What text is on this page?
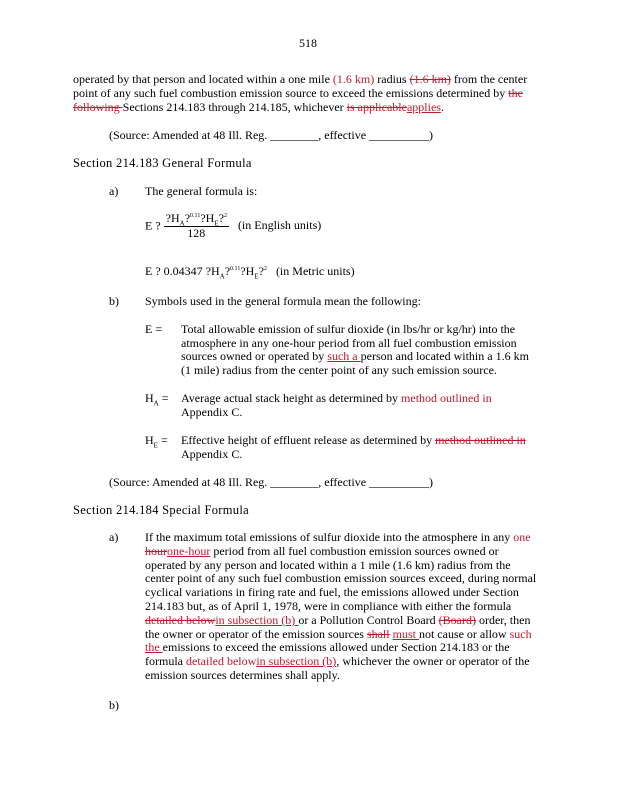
518
operated by that person and located within a one mile (1.6 km) radius (1.6 km) from the center
point of any such fuel combustion emission source to exceed the emissions determined by the
following Sections 214.183 through 214.185, whichever is applicableapplies.
(Source: Amended at 48 Ill. Reg. ________, effective __________)
Section 214.183 General Formula
a) The general formula is:
E ? $\frac{?H_A?^{0.11}?H_E?^2}{128} (in$ English units)
E ? 0.04347 $?H_A?^{0.11}?H_E?^2$ (in Metric units)
b) Symbols used in the general formula mean the following:
E = Total allowable emission of sulfur dioxide (in lbs/hr or kg/hr) into the
atmosphere in any one-hour period from all fuel combustion emission
sources owned or operated by such a person and located within a 1.6 km
(1 mile) radius from the center point of any such emission source.
$H_A$ = Average actual stack height as determined by method outlined in
Appendix C.
$H_E$ = Effective height of effluent release as determined by method outlined in
Appendix C.
(Source: Amended at 48 Ill. Reg. ________, effective __________)
Section 214.184 Special Formula
a) If the maximum total emissions of sulfur dioxide into the atmosphere in any one
hourone-hour period from all fuel combustion emission sources owned or
operated by any person and located within a 1 mile (1.6 km) radius from the
center point of any such fuel combustion emission sources exceed, during normal
cyclical variations in firing rate and fuel, the emissions allowed under Section
214.183 but, as of April 1, 1978, were in compliance with either the formula
detailed belowin subsection (b) or a Pollution Control Board (Board) order, then
the owner or operator of the emission sources shall must not cause or allow such
the emissions to exceed the emissions allowed under Section 214.183 or the
formula detailed belowin subsection (b), whichever the owner or operator of the
emission sources determines shall apply.
b)
